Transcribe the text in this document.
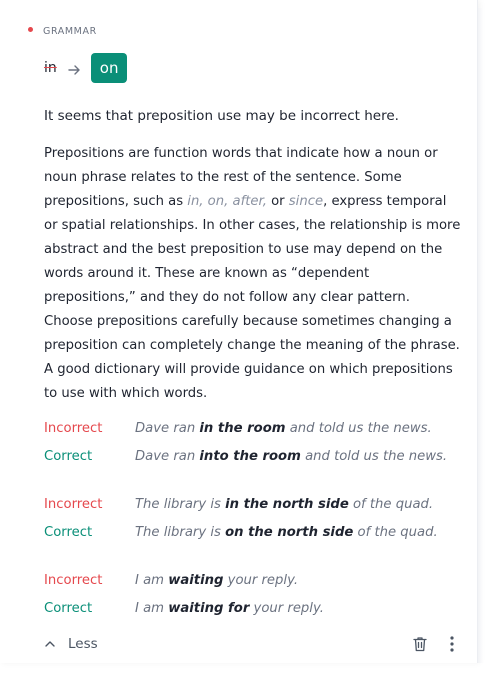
GRAMMAR
in	on

It seems that preposition use may be incorrect here.

Prepositions are function words that indicate how a noun or noun phrase relates to the rest of the sentence. Some prepositions, such as in, on, after, or since, express temporal or spatial relationships. In other cases, the relationship is more abstract and the best preposition to use may depend on the words around it. These are known as “dependent prepositions,” and they do not follow any clear pattern. Choose prepositions carefully because sometimes changing a preposition can completely change the meaning of the phrase. A good dictionary will provide guidance on which prepositions to use with which words.

Incorrect	Dave ran in the room and told us the news.
Correct	Dave ran into the room and told us the news.
Incorrect	The library is in the north side of the quad.
Correct	The library is on the north side of the quad.
Incorrect	I am waiting your reply.
Correct	I am waiting for your reply.
Less
